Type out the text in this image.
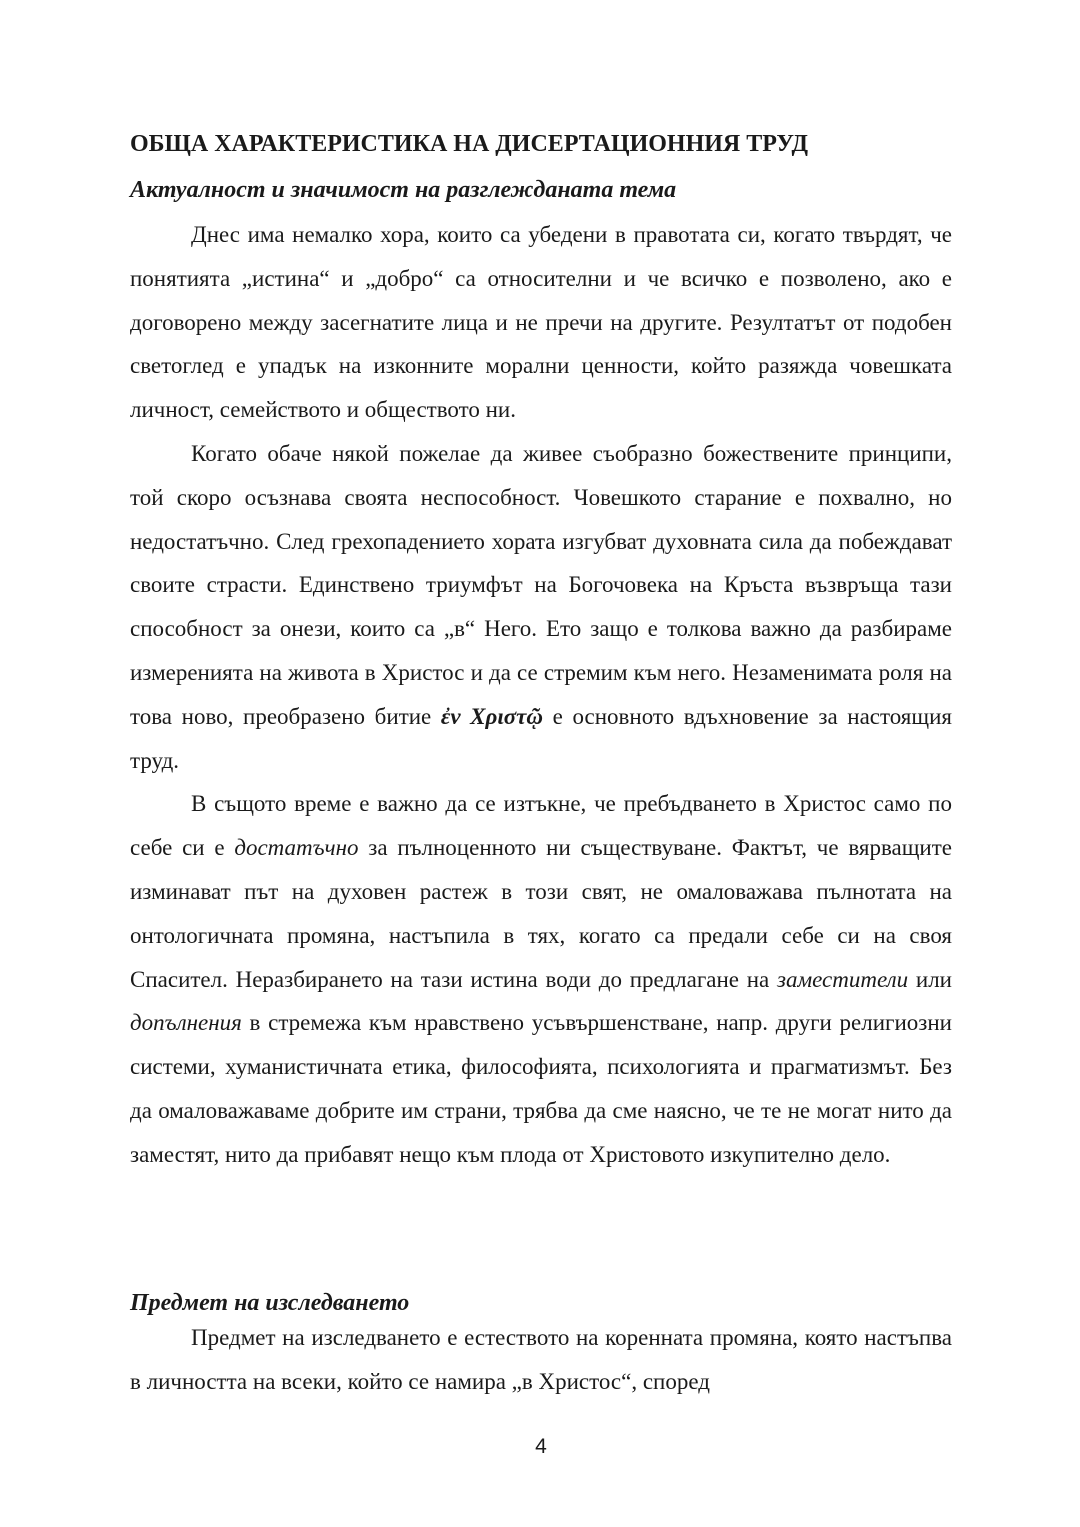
ОБЩА ХАРАКТЕРИСТИКА НА ДИСЕРТАЦИОННИЯ ТРУД
Актуалност и значимост на разглежданата тема

Днес има немалко хора, които са убедени в правотата си, когато твърдят, че понятията „истина“ и „добро“ са относителни и че всичко е позволено, ако е договорено между засегнатите лица и не пречи на другите. Резултатът от подобен светоглед е упадък на изконните морални ценности, който разяжда човешката личност, семейството и обществото ни.

Когато обаче някой пожелае да живее съобразно божествените принципи, той скоро осъзнава своята неспособност. Човешкото старание е похвално, но недостатъчно. След грехопадението хората изгубват духовната сила да побеждават своите страсти. Единствено триумфът на Богочовека на Кръста възвръща тази способност за онези, които са „в“ Него. Ето защо е толкова важно да разбираме измеренията на живота в Христос и да се стремим към него. Незаменимата роля на това ново, преобразено битие ἐν Χριστῷ е основното вдъхновение за настоящия труд.

В същото време е важно да се изтъкне, че пребъдването в Христос само по себе си е достатъчно за пълноценното ни съществуване. Фактът, че вярващите изминават път на духовен растеж в този свят, не омаловажава пълнотата на онтологичната промяна, настъпила в тях, когато са предали себе си на своя Спасител. Неразбирането на тази истина води до предлагане на заместители или допълнения в стремежа към нравствено усъвършенстване, напр. други религиозни системи, хуманистичната етика, философията, психологията и прагматизмът. Без да омаловажаваме добрите им страни, трябва да сме наясно, че те не могат нито да заместят, нито да прибавят нещо към плода от Христовото изкупително дело.

Предмет на изследването

Предмет на изследването е естеството на коренната промяна, която настъпва в личността на всеки, който се намира „в Христос“, според

4
